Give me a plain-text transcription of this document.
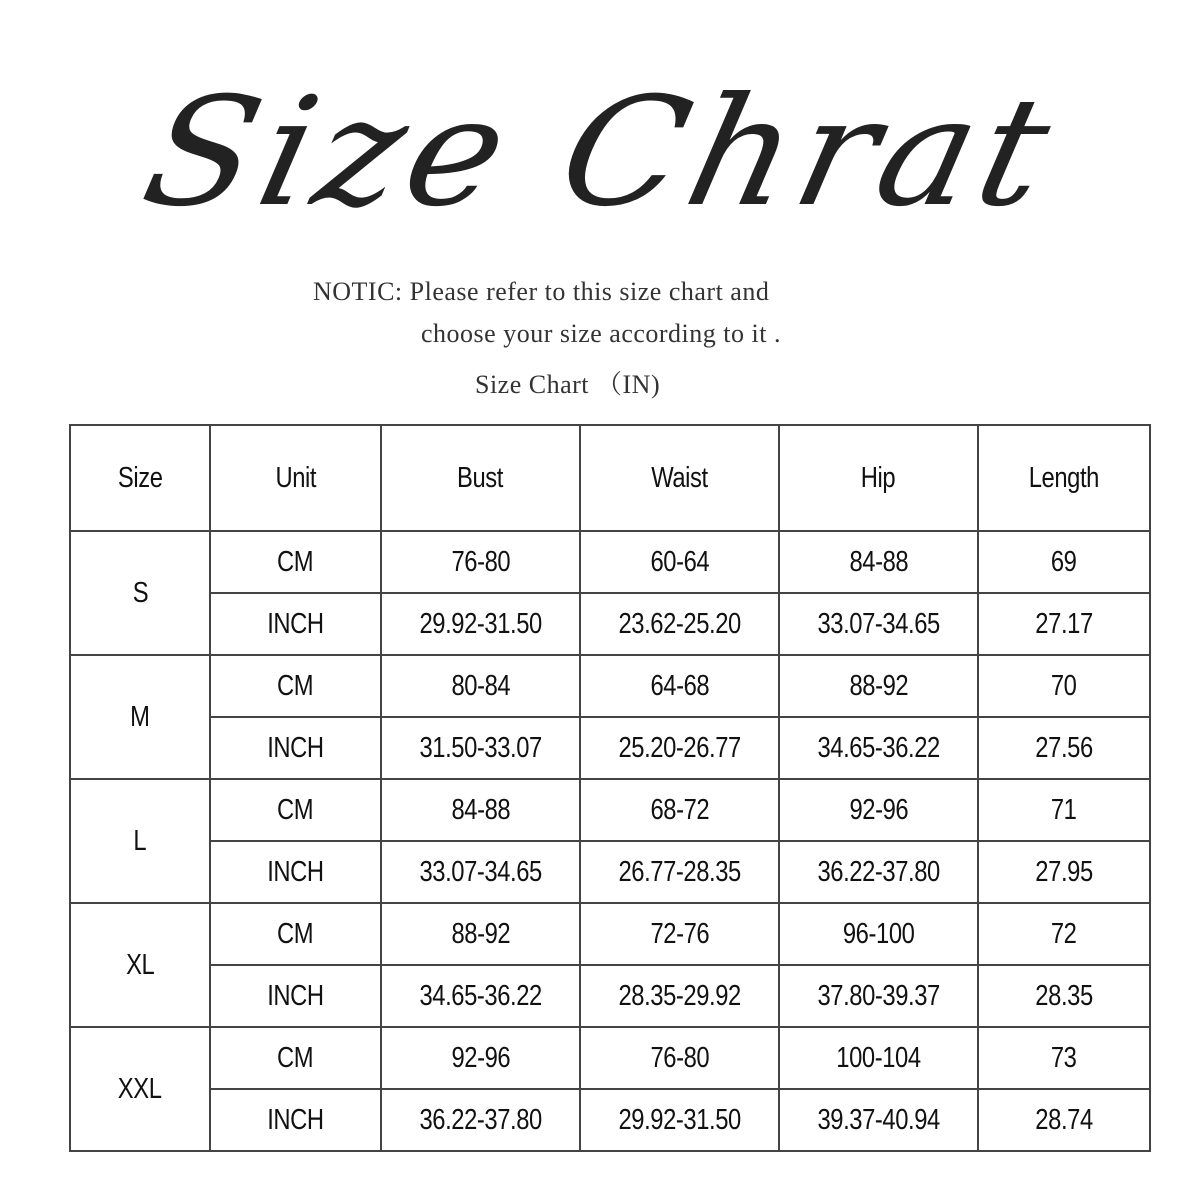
Size Chrat
NOTIC: Please refer to this size chart and
choose your size according to it .
Size Chart （IN)
Size	Unit	Bust	Waist	Hip	Length
S	CM	76-80	60-64	84-88	69
	INCH	29.92-31.50	23.62-25.20	33.07-34.65	27.17
M	CM	80-84	64-68	88-92	70
	INCH	31.50-33.07	25.20-26.77	34.65-36.22	27.56
L	CM	84-88	68-72	92-96	71
	INCH	33.07-34.65	26.77-28.35	36.22-37.80	27.95
XL	CM	88-92	72-76	96-100	72
	INCH	34.65-36.22	28.35-29.92	37.80-39.37	28.35
XXL	CM	92-96	76-80	100-104	73
	INCH	36.22-37.80	29.92-31.50	39.37-40.94	28.74
